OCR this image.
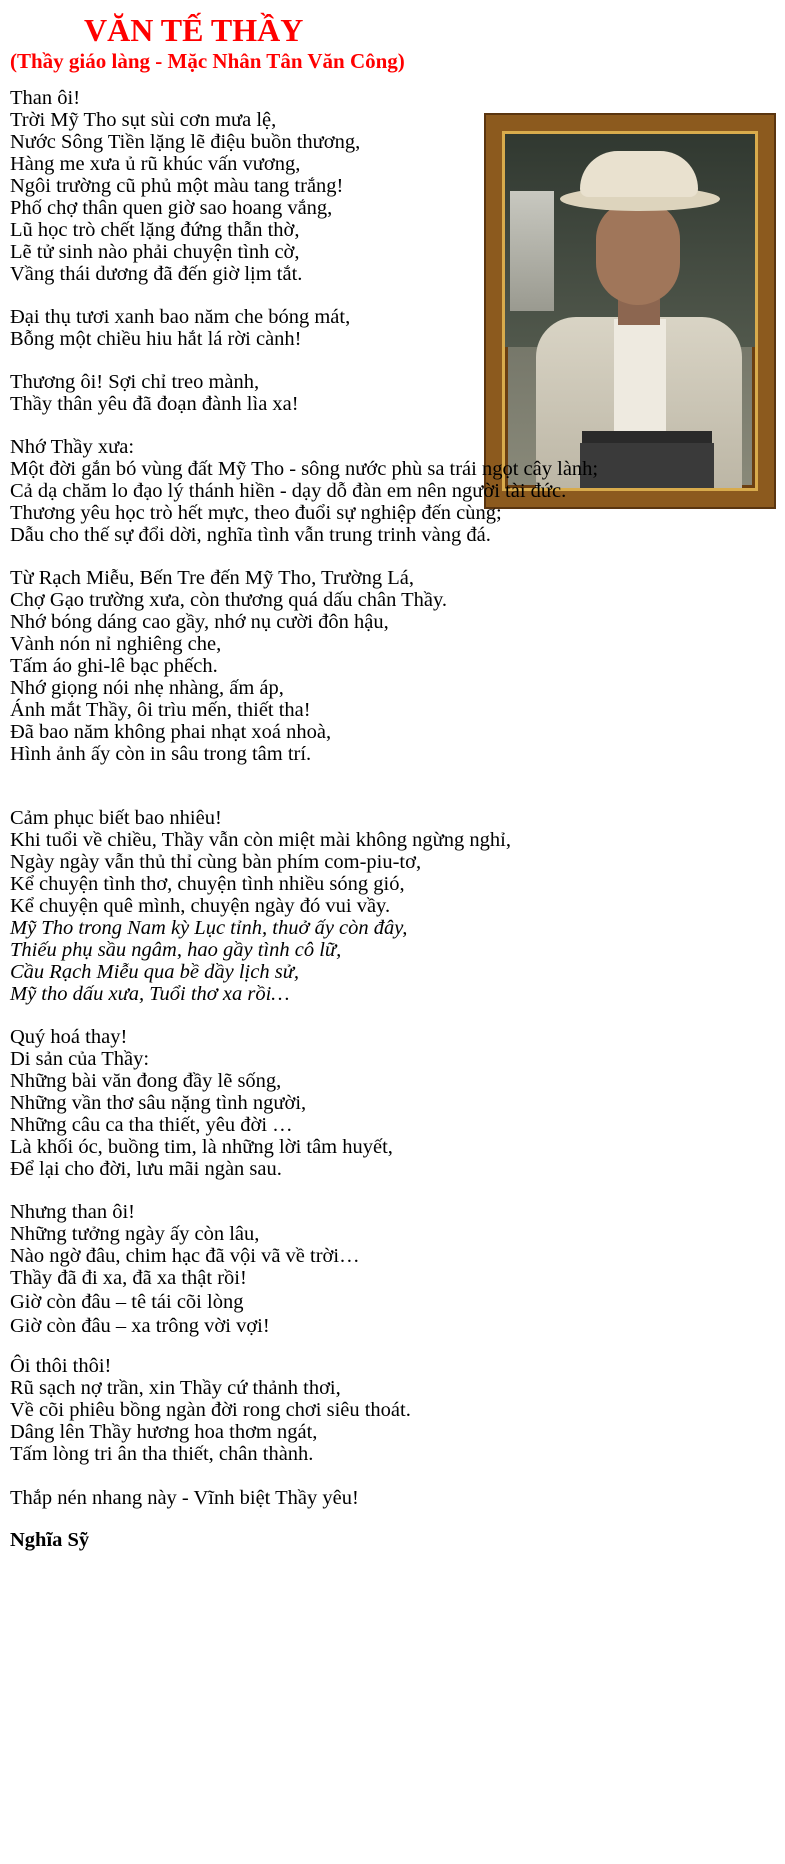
VĂN TẾ THẦY
(Thầy giáo làng - Mặc Nhân Tân Văn Công)

Than ôi!

Trời Mỹ Tho sụt sùi cơn mưa lệ,

Nước Sông Tiền lặng lẽ điệu buồn thương,

Hàng me xưa ủ rũ khúc vấn vương,

Ngôi trường cũ phủ một màu tang trắng!

Phố chợ thân quen giờ sao hoang vắng,

Lũ học trò chết lặng đứng thẫn thờ,

Lẽ tử sinh nào phải chuyện tình cờ,

Vầng thái dương đã đến giờ lịm tắt.

Đại thụ tươi xanh bao năm che bóng mát,

Bỗng một chiều hiu hắt lá rời cành!

Thương ôi! Sợi chỉ treo mành,

Thầy thân yêu đã đoạn đành lìa xa!

Nhớ Thầy xưa:

Một đời gắn bó vùng đất Mỹ Tho - sông nước phù sa trái ngọt cây lành;

Cả dạ chăm lo đạo lý thánh hiền - dạy dỗ đàn em nên người tài đức.

Thương yêu học trò hết mực, theo đuổi sự nghiệp đến cùng;

Dẫu cho thế sự đổi dời, nghĩa tình vẫn trung trinh vàng đá.

Từ Rạch Miễu, Bến Tre đến Mỹ Tho, Trường Lá,

Chợ Gạo trường xưa, còn thương quá dấu chân Thầy.

Nhớ bóng dáng cao gầy, nhớ nụ cười đôn hậu,

Vành nón nỉ nghiêng che,

Tấm áo ghi-lê bạc phếch.

Nhớ giọng nói nhẹ nhàng, ấm áp,

Ánh mắt Thầy, ôi trìu mến, thiết tha!

Đã bao năm không phai nhạt xoá nhoà,

Hình ảnh ấy còn in sâu trong tâm trí.

Cảm phục biết bao nhiêu!

Khi tuổi về chiều, Thầy vẫn còn miệt mài không ngừng nghỉ,

Ngày ngày vẫn thủ thỉ cùng bàn phím com-piu-tơ,

Kể chuyện tình thơ, chuyện tình nhiều sóng gió,

Kể chuyện quê mình, chuyện ngày đó vui vầy.

Mỹ Tho trong Nam kỳ Lục tỉnh, thuở ấy còn đây,

Thiếu phụ sầu ngâm, hao gầy tình cô lữ,

Cầu Rạch Miễu qua bề dầy lịch sử,

Mỹ tho dấu xưa, Tuổi thơ xa rồi…

Quý hoá thay!

Di sản của Thầy:

Những bài văn đong đầy lẽ sống,

Những vần thơ sâu nặng tình người,

Những câu ca tha thiết, yêu đời …

Là khối óc, buồng tim, là những lời tâm huyết,

Để lại cho đời, lưu mãi ngàn sau.

Nhưng than ôi!

Những tưởng ngày ấy còn lâu,

Nào ngờ đâu, chim hạc đã vội vã về trời…

Thầy đã đi xa, đã xa thật rồi!

Giờ còn đâu – tê tái cõi lòng

Giờ còn đâu – xa trông vời vợi!

Ôi thôi thôi!

Rũ sạch nợ trần, xin Thầy cứ thảnh thơi,

Về cõi phiêu bồng ngàn đời rong chơi siêu thoát.

Dâng lên Thầy hương hoa thơm ngát,

Tấm lòng tri ân tha thiết, chân thành.

Thắp nén nhang này - Vĩnh biệt Thầy yêu!

Nghĩa Sỹ
